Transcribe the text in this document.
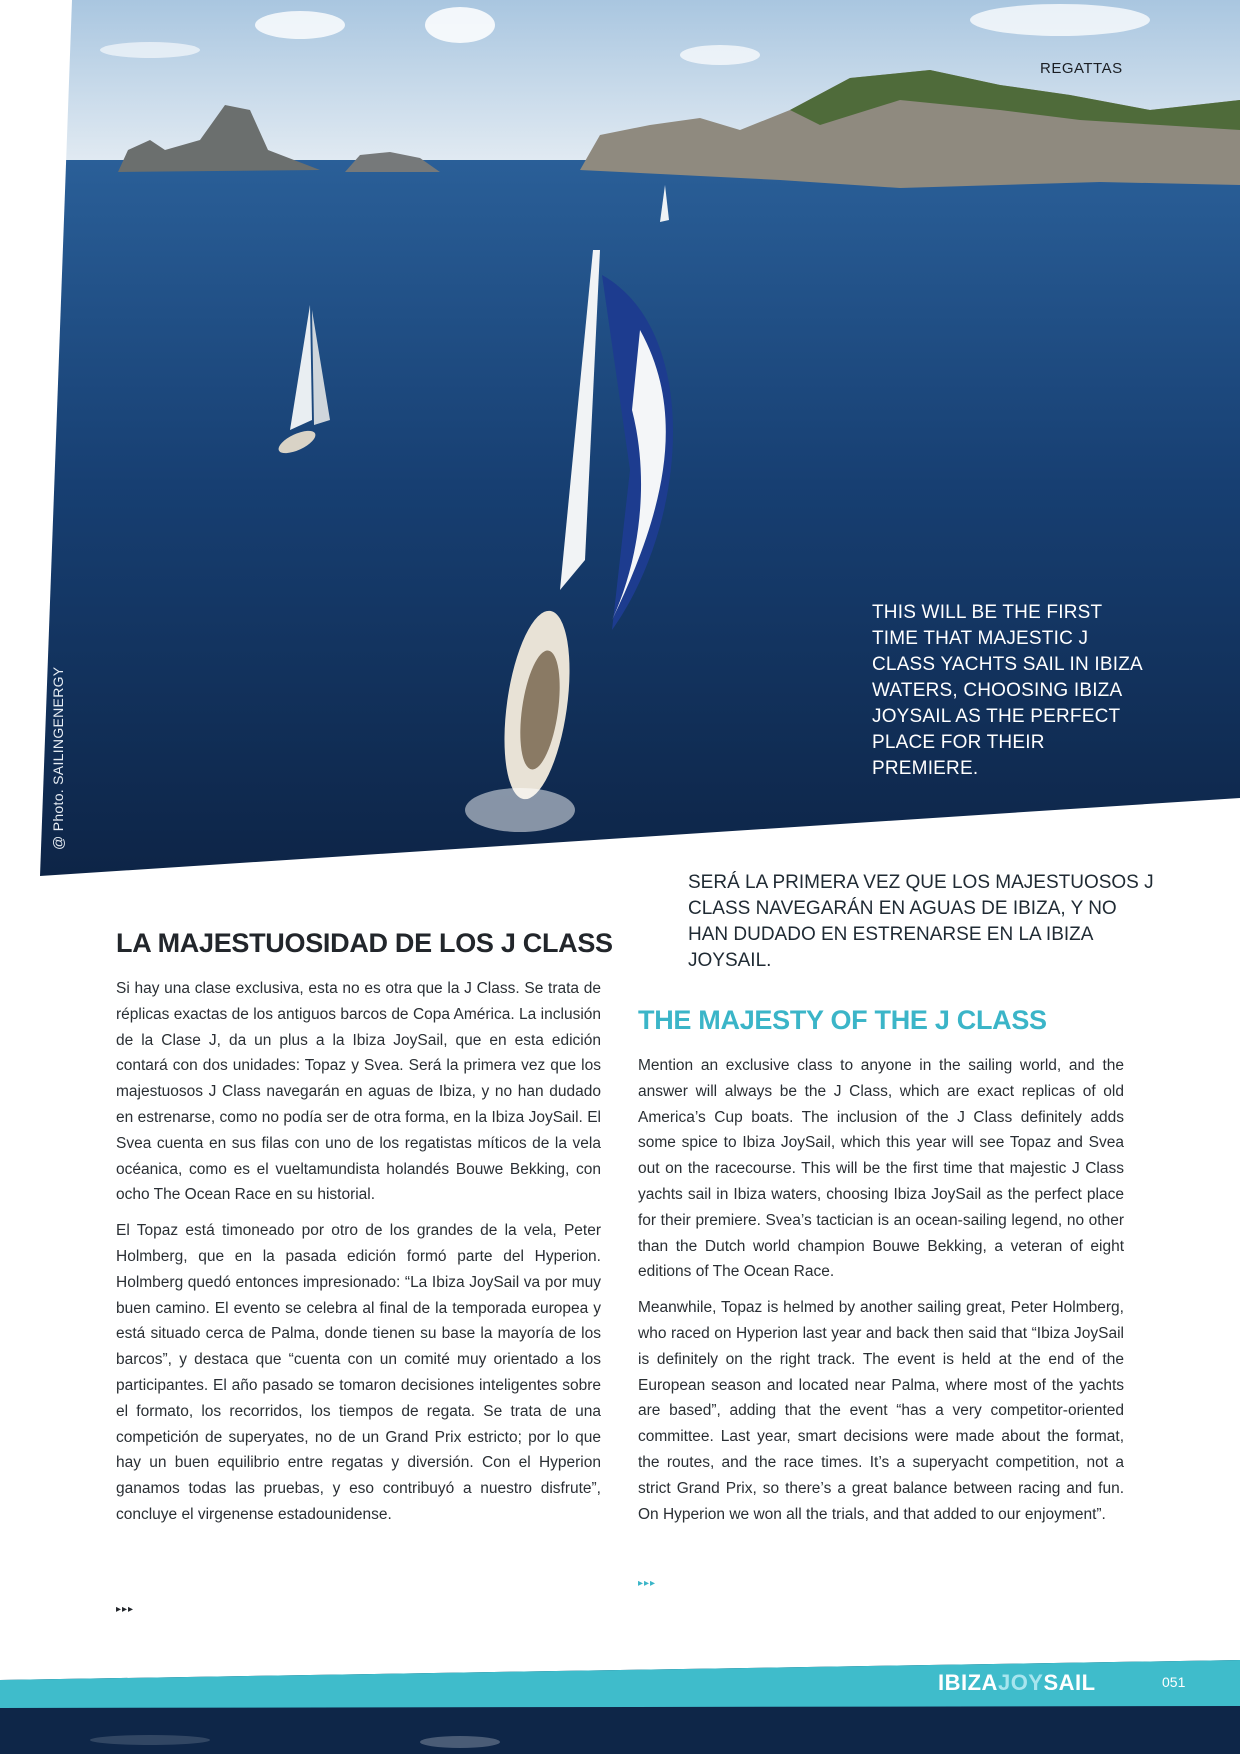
REGATTAS
@ Photo. SAILINGENERGY
THIS WILL BE THE FIRST TIME THAT MAJESTIC J CLASS YACHTS SAIL IN IBIZA WATERS, CHOOSING IBIZA JOYSAIL AS THE PERFECT PLACE FOR THEIR PREMIERE.
SERÁ LA PRIMERA VEZ QUE LOS MAJESTUOSOS J CLASS NAVEGARÁN EN AGUAS DE IBIZA, Y NO HAN DUDADO EN ESTRENARSE EN LA IBIZA JOYSAIL.
LA MAJESTUOSIDAD DE LOS J CLASS

Si hay una clase exclusiva, esta no es otra que la J Class. Se trata de réplicas exactas de los antiguos barcos de Copa América. La inclusión de la Clase J, da un plus a la Ibiza JoySail, que en esta edición contará con dos unidades: Topaz y Svea. Será la primera vez que los majestuosos J Class navegarán en aguas de Ibiza, y no han dudado en estrenarse, como no podía ser de otra forma, en la Ibiza JoySail. El Svea cuenta en sus filas con uno de los regatistas míticos de la vela océanica, como es el vueltamundista holandés Bouwe Bekking, con ocho The Ocean Race en su historial.

El Topaz está timoneado por otro de los grandes de la vela, Peter Holmberg, que en la pasada edición formó parte del Hyperion. Holmberg quedó entonces impresionado: “La Ibiza JoySail va por muy buen camino. El evento se celebra al final de la temporada europea y está situado cerca de Palma, donde tienen su base la mayoría de los barcos”, y destaca que “cuenta con un comité muy orientado a los participantes. El año pasado se tomaron decisiones inteligentes sobre el formato, los recorridos, los tiempos de regata. Se trata de una competición de superyates, no de un Grand Prix estricto; por lo que hay un buen equilibrio entre regatas y diversión. Con el Hyperion ganamos todas las pruebas, y eso contribuyó a nuestro disfrute”, concluye el virgenense estadounidense.

▸▸▸
THE MAJESTY OF THE J CLASS

Mention an exclusive class to anyone in the sailing world, and the answer will always be the J Class, which are exact replicas of old America’s Cup boats. The inclusion of the J Class definitely adds some spice to Ibiza JoySail, which this year will see Topaz and Svea out on the racecourse. This will be the first time that majestic J Class yachts sail in Ibiza waters, choosing Ibiza JoySail as the perfect place for their premiere. Svea’s tactician is an ocean-sailing legend, no other than the Dutch world champion Bouwe Bekking, a veteran of eight editions of The Ocean Race.

Meanwhile, Topaz is helmed by another sailing great, Peter Holmberg, who raced on Hyperion last year and back then said that “Ibiza JoySail is definitely on the right track. The event is held at the end of the European season and located near Palma, where most of the yachts are based”, adding that the event “has a very competitor-oriented committee. Last year, smart decisions were made about the format, the routes, and the race times. It’s a superyacht competition, not a strict Grand Prix, so there’s a great balance between racing and fun. On Hyperion we won all the trials, and that added to our enjoyment”.

▸▸▸
IBIZAJOYSAIL	051
